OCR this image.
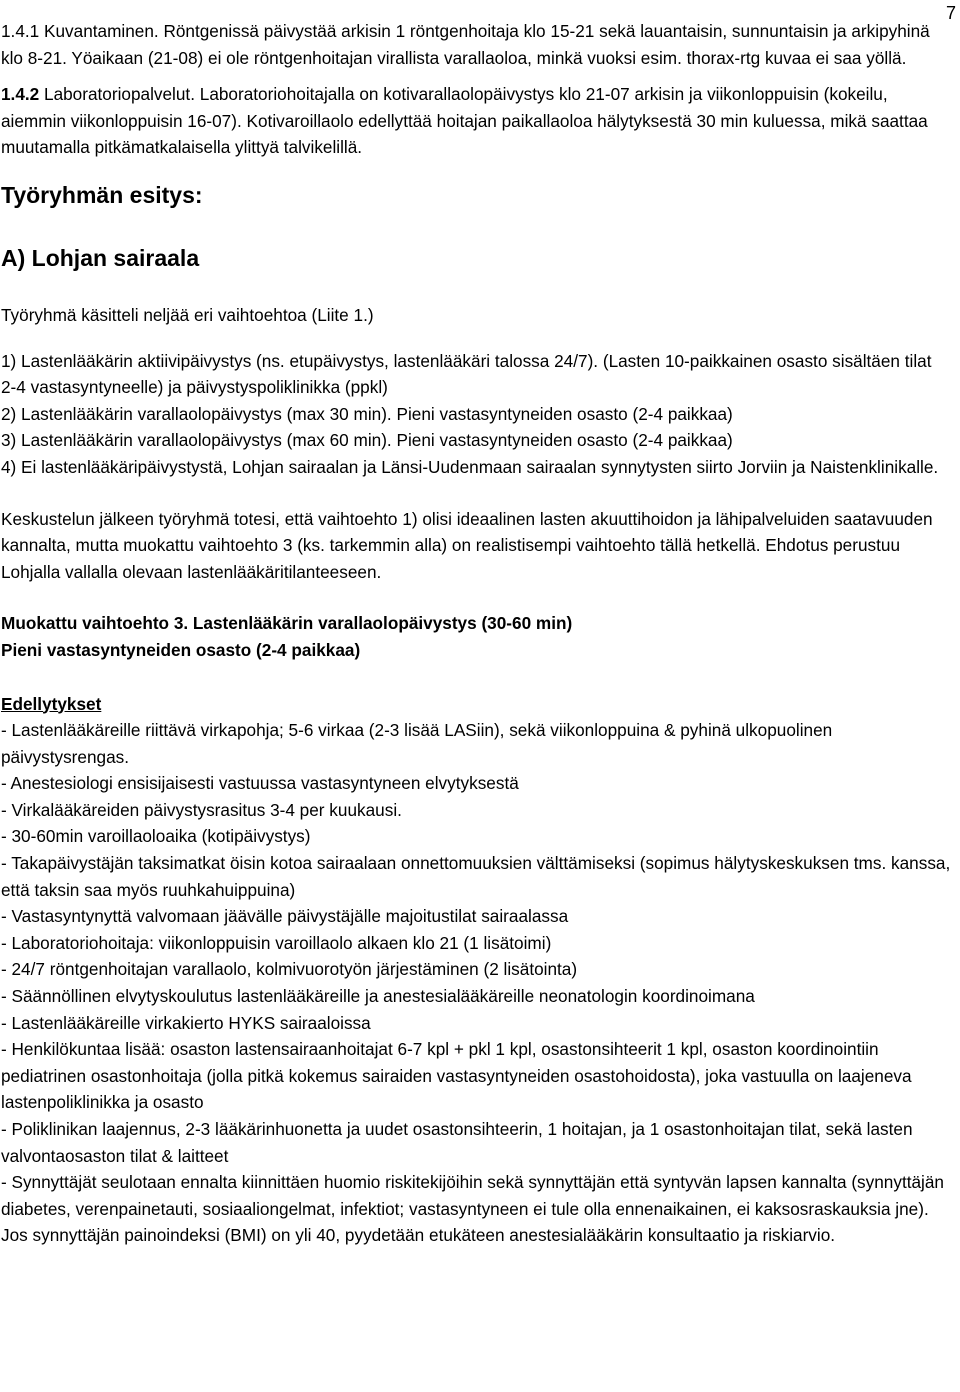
7

1.4.1 Kuvantaminen. Röntgenissä päivystää arkisin 1 röntgenhoitaja klo 15-21 sekä lauantaisin, sunnuntaisin ja arkipyhinä klo 8-21. Yöaikaan (21-08) ei ole röntgenhoitajan virallista varallaoloa, minkä vuoksi esim. thorax-rtg kuvaa ei saa yöllä.

1.4.2 Laboratoriopalvelut. Laboratoriohoitajalla on kotivarallaolopäivystys klo 21-07 arkisin ja viikonloppuisin (kokeilu, aiemmin viikonloppuisin 16-07). Kotivaroillaolo edellyttää hoitajan paikallaoloa hälytyksestä 30 min kuluessa, mikä saattaa muutamalla pitkämatkalaisella ylittyä talvikelillä.

Työryhmän esitys:

A) Lohjan sairaala

Työryhmä käsitteli neljää eri vaihtoehtoa (Liite 1.)

1) Lastenlääkärin aktiivipäivystys (ns. etupäivystys, lastenlääkäri talossa 24/7). (Lasten 10-paikkainen osasto sisältäen tilat 2-4 vastasyntyneelle) ja päivystyspoliklinikka (ppkl)

2) Lastenlääkärin varallaolopäivystys (max 30 min). Pieni vastasyntyneiden osasto (2-4 paikkaa)

3) Lastenlääkärin varallaolopäivystys (max 60 min). Pieni vastasyntyneiden osasto (2-4 paikkaa)

4) Ei lastenlääkäripäivystystä, Lohjan sairaalan ja Länsi-Uudenmaan sairaalan synnytysten siirto Jorviin ja Naistenklinikalle.

Keskustelun jälkeen työryhmä totesi, että vaihtoehto 1) olisi ideaalinen lasten akuuttihoidon ja lähipalveluiden saatavuuden kannalta, mutta muokattu vaihtoehto 3 (ks. tarkemmin alla) on realistisempi vaihtoehto tällä hetkellä. Ehdotus perustuu Lohjalla vallalla olevaan lastenlääkäritilanteeseen.

Muokattu vaihtoehto 3. Lastenlääkärin varallaolopäivystys (30-60 min)

Pieni vastasyntyneiden osasto (2-4 paikkaa)

Edellytykset

- Lastenlääkäreille riittävä virkapohja; 5-6 virkaa (2-3 lisää LASiin), sekä viikonloppuina & pyhinä ulkopuolinen päivystysrengas.

- Anestesiologi ensisijaisesti vastuussa vastasyntyneen elvytyksestä

- Virkalääkäreiden päivystysrasitus 3-4 per kuukausi.

- 30-60min varoillaoloaika (kotipäivystys)

- Takapäivystäjän taksimatkat öisin kotoa sairaalaan onnettomuuksien välttämiseksi (sopimus hälytyskeskuksen tms. kanssa, että taksin saa myös ruuhkahuippuina)

- Vastasyntynyttä valvomaan jäävälle päivystäjälle majoitustilat sairaalassa

- Laboratoriohoitaja: viikonloppuisin varoillaolo alkaen klo 21 (1 lisätoimi)

- 24/7 röntgenhoitajan varallaolo, kolmivuorotyön järjestäminen (2 lisätointa)

- Säännöllinen elvytyskoulutus lastenlääkäreille ja anestesialääkäreille neonatologin koordinoimana

- Lastenlääkäreille virkakierto HYKS sairaaloissa

- Henkilökuntaa lisää: osaston lastensairaanhoitajat 6-7 kpl + pkl 1 kpl, osastonsihteerit 1 kpl, osaston koordinointiin pediatrinen osastonhoitaja (jolla pitkä kokemus sairaiden vastasyntyneiden osastohoidosta), joka vastuulla on laajeneva lastenpoliklinikka ja osasto

- Poliklinikan laajennus, 2-3 lääkärinhuonetta ja uudet osastonsihteerin, 1 hoitajan, ja 1 osastonhoitajan tilat, sekä lasten valvontaosaston tilat & laitteet

- Synnyttäjät seulotaan ennalta kiinnittäen huomio riskitekijöihin sekä synnyttäjän että syntyvän lapsen kannalta (synnyttäjän diabetes, verenpainetauti, sosiaaliongelmat, infektiot; vastasyntyneen ei tule olla ennenaikainen, ei kaksosraskauksia jne). Jos synnyttäjän painoindeksi (BMI) on yli 40, pyydetään etukäteen anestesialääkärin konsultaatio ja riskiarvio.
